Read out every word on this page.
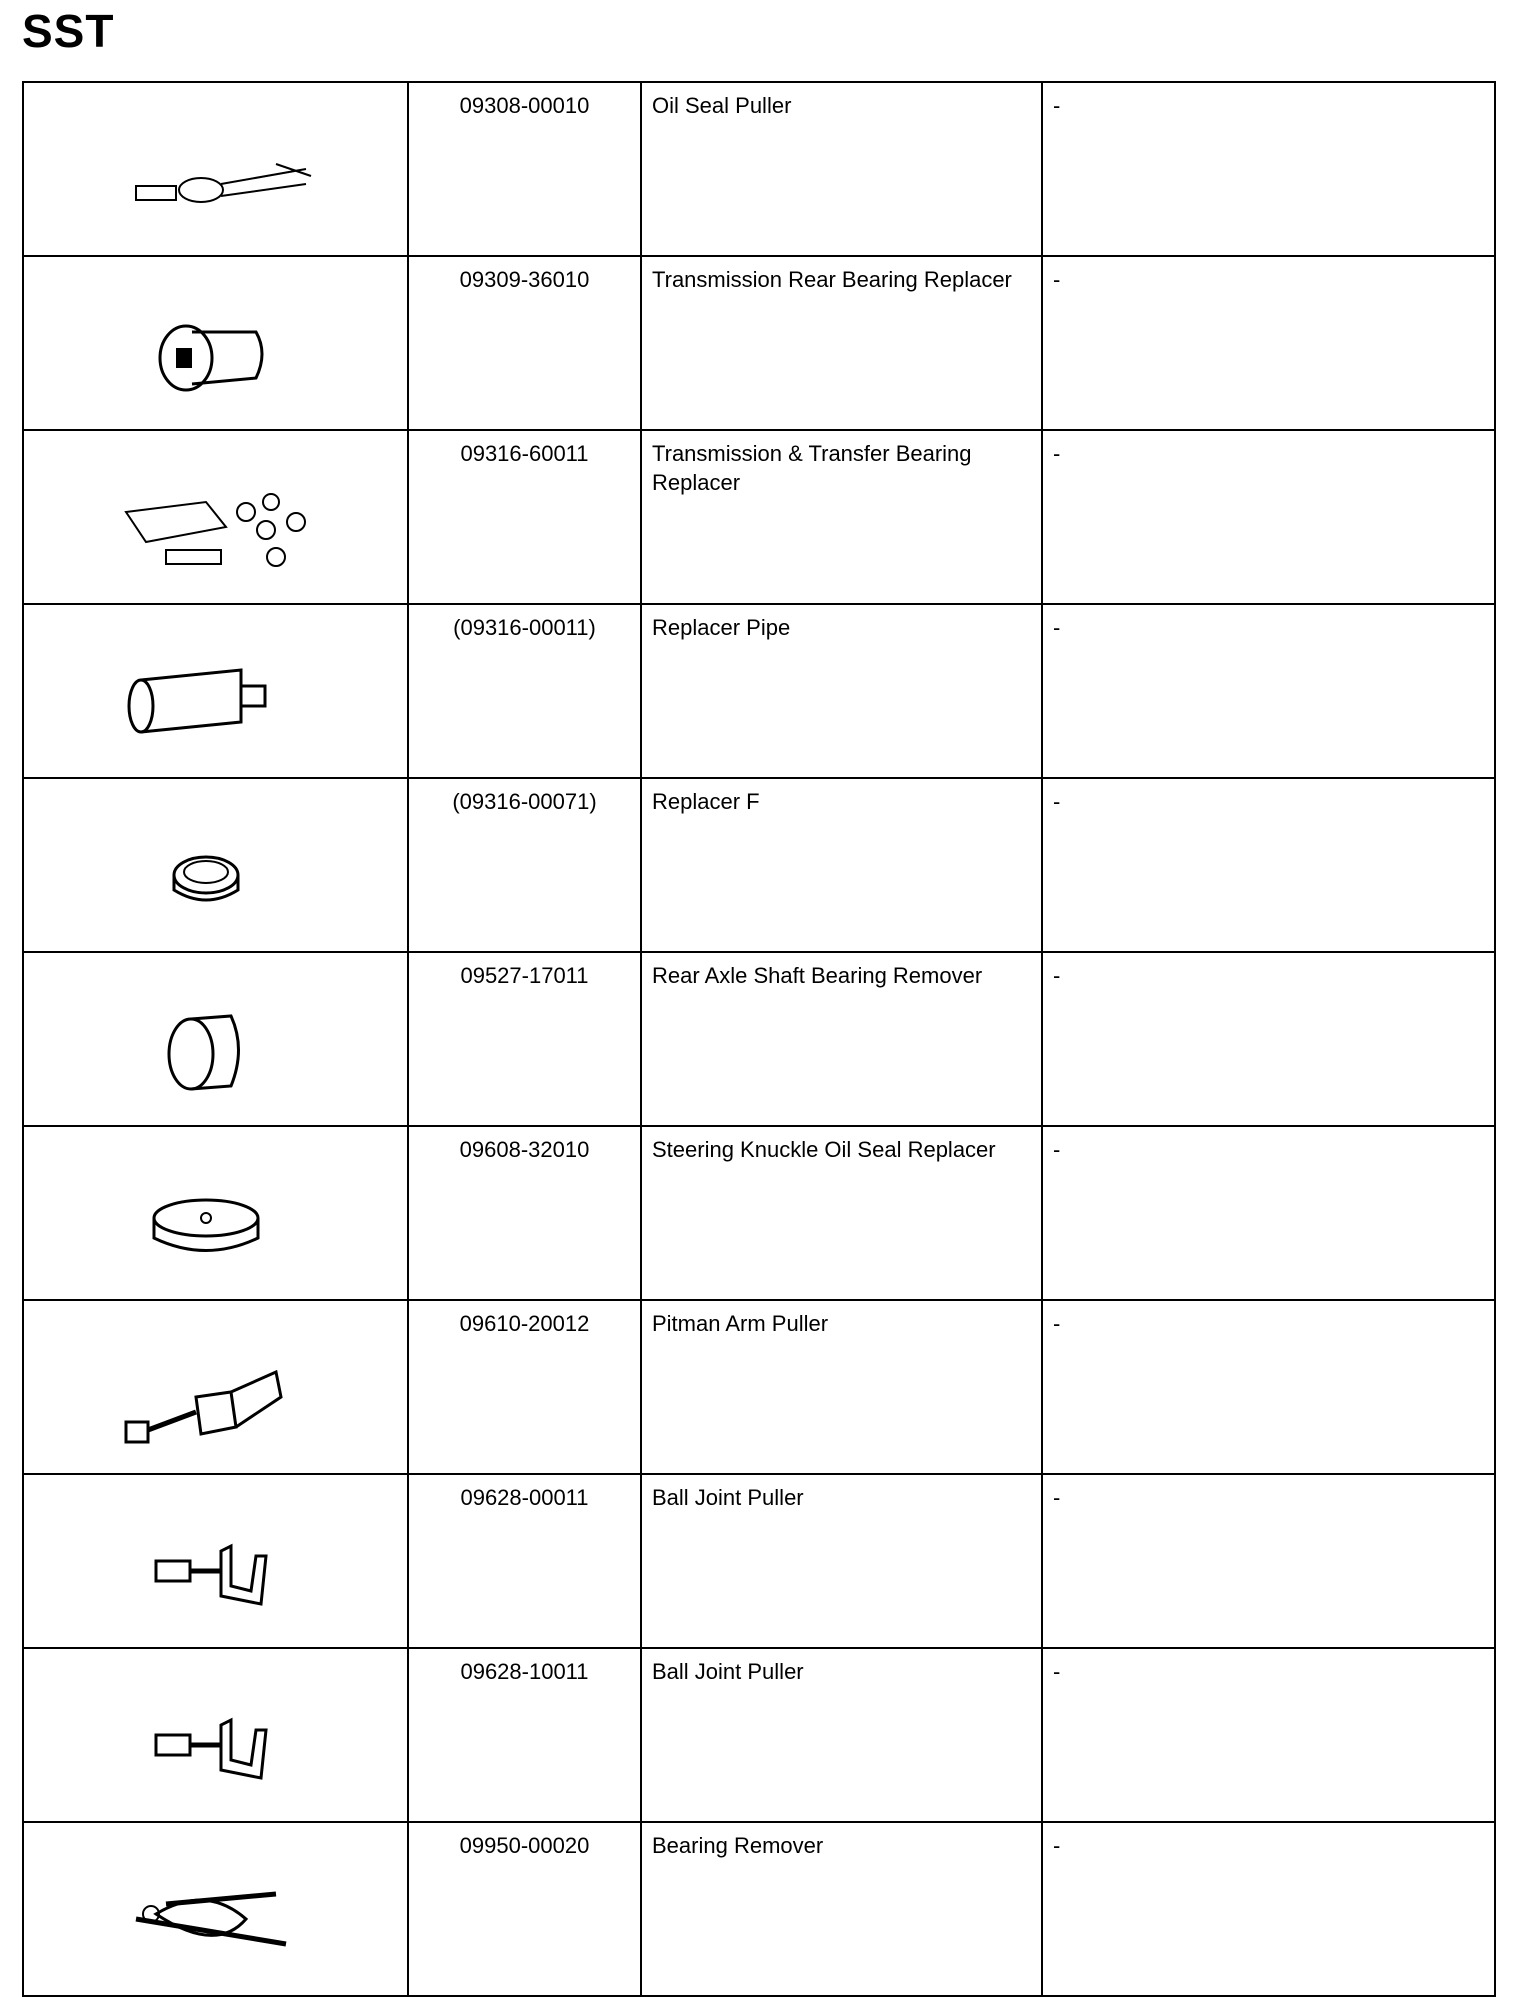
SST
	09308-00010	Oil Seal Puller	-

	09309-36010	Transmission Rear Bearing Replacer	-

	09316-60011	Transmission & Transfer Bearing Replacer	-

	(09316-00011)	Replacer Pipe	-

	(09316-00071)	Replacer F	-

	09527-17011	Rear Axle Shaft Bearing Remover	-

	09608-32010	Steering Knuckle Oil Seal Replacer	-

	09610-20012	Pitman Arm Puller	-

	09628-00011	Ball Joint Puller	-

	09628-10011	Ball Joint Puller	-

	09950-00020	Bearing Remover	-
